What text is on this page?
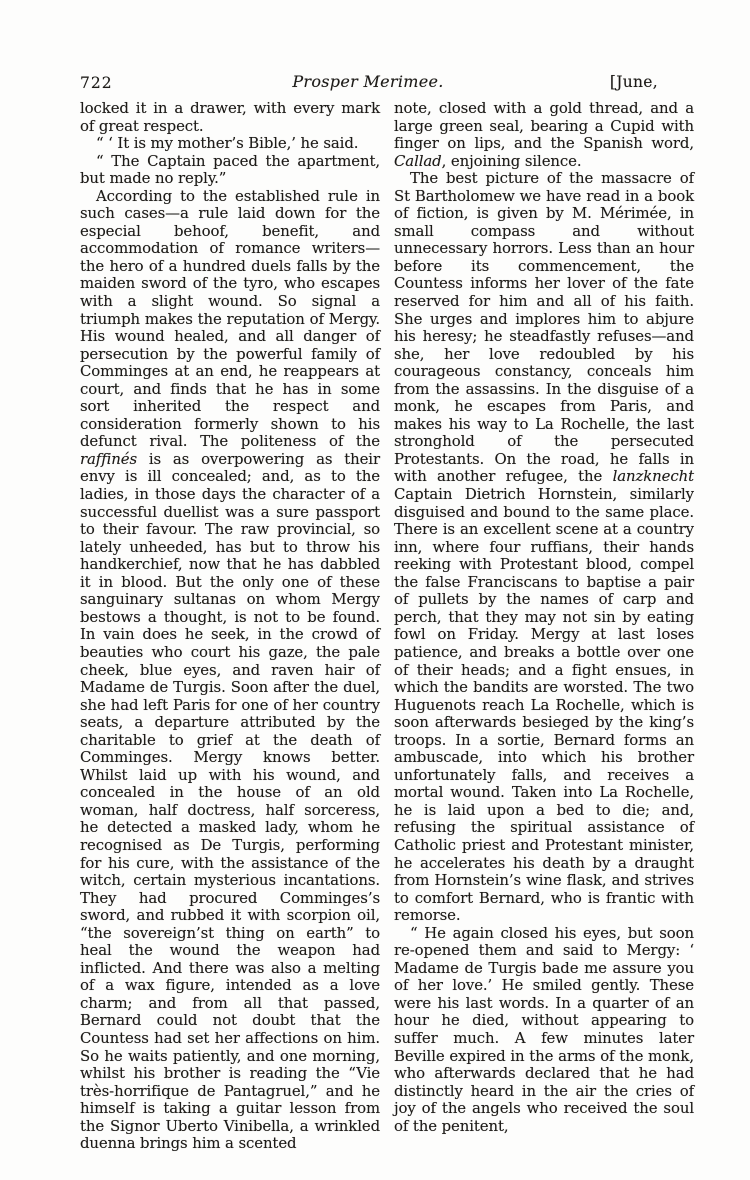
722	Prosper Merimee.	[June,

locked it in a drawer, with every mark of great respect.

“ ‘ It is my mother’s Bible,’ he said.

“ The Captain paced the apartment, but made no reply.”

According to the established rule in such cases—a rule laid down for the especial behoof, benefit, and accommodation of romance writers—the hero of a hundred duels falls by the maiden sword of the tyro, who escapes with a slight wound. So signal a triumph makes the reputation of Mergy. His wound healed, and all danger of persecution by the powerful family of Comminges at an end, he reappears at court, and finds that he has in some sort inherited the respect and consideration formerly shown to his defunct rival. The politeness of the raffinés is as overpowering as their envy is ill concealed; and, as to the ladies, in those days the character of a successful duellist was a sure passport to their favour. The raw provincial, so lately unheeded, has but to throw his handkerchief, now that he has dabbled it in blood. But the only one of these sanguinary sultanas on whom Mergy bestows a thought, is not to be found. In vain does he seek, in the crowd of beauties who court his gaze, the pale cheek, blue eyes, and raven hair of Madame de Turgis. Soon after the duel, she had left Paris for one of her country seats, a departure attributed by the charitable to grief at the death of Comminges. Mergy knows better. Whilst laid up with his wound, and concealed in the house of an old woman, half doctress, half sorceress, he detected a masked lady, whom he recognised as De Turgis, performing for his cure, with the assistance of the witch, certain mysterious incantations. They had procured Comminges’s sword, and rubbed it with scorpion oil, “the sovereign’st thing on earth” to heal the wound the weapon had inflicted. And there was also a melting of a wax figure, intended as a love charm; and from all that passed, Bernard could not doubt that the Countess had set her affections on him. So he waits patiently, and one morning, whilst his brother is reading the “Vie très-horrifique de Pantagruel,” and he himself is taking a guitar lesson from the Signor Uberto Vinibella, a wrinkled duenna brings him a scented

note, closed with a gold thread, and a large green seal, bearing a Cupid with finger on lips, and the Spanish word, Callad, enjoining silence.

The best picture of the massacre of St Bartholomew we have read in a book of fiction, is given by M. Mérimée, in small compass and without unnecessary horrors. Less than an hour before its commencement, the Countess informs her lover of the fate reserved for him and all of his faith. She urges and implores him to abjure his heresy; he steadfastly refuses—and she, her love redoubled by his courageous constancy, conceals him from the assassins. In the disguise of a monk, he escapes from Paris, and makes his way to La Rochelle, the last stronghold of the persecuted Protestants. On the road, he falls in with another refugee, the lanzknecht Captain Dietrich Hornstein, similarly disguised and bound to the same place. There is an excellent scene at a country inn, where four ruffians, their hands reeking with Protestant blood, compel the false Franciscans to baptise a pair of pullets by the names of carp and perch, that they may not sin by eating fowl on Friday. Mergy at last loses patience, and breaks a bottle over one of their heads; and a fight ensues, in which the bandits are worsted. The two Huguenots reach La Rochelle, which is soon afterwards besieged by the king’s troops. In a sortie, Bernard forms an ambuscade, into which his brother unfortunately falls, and receives a mortal wound. Taken into La Rochelle, he is laid upon a bed to die; and, refusing the spiritual assistance of Catholic priest and Protestant minister, he accelerates his death by a draught from Hornstein’s wine flask, and strives to comfort Bernard, who is frantic with remorse.

“ He again closed his eyes, but soon re-opened them and said to Mergy: ‘ Madame de Turgis bade me assure you of her love.’ He smiled gently. These were his last words. In a quarter of an hour he died, without appearing to suffer much. A few minutes later Beville expired in the arms of the monk, who afterwards declared that he had distinctly heard in the air the cries of joy of the angels who received the soul of the penitent,
